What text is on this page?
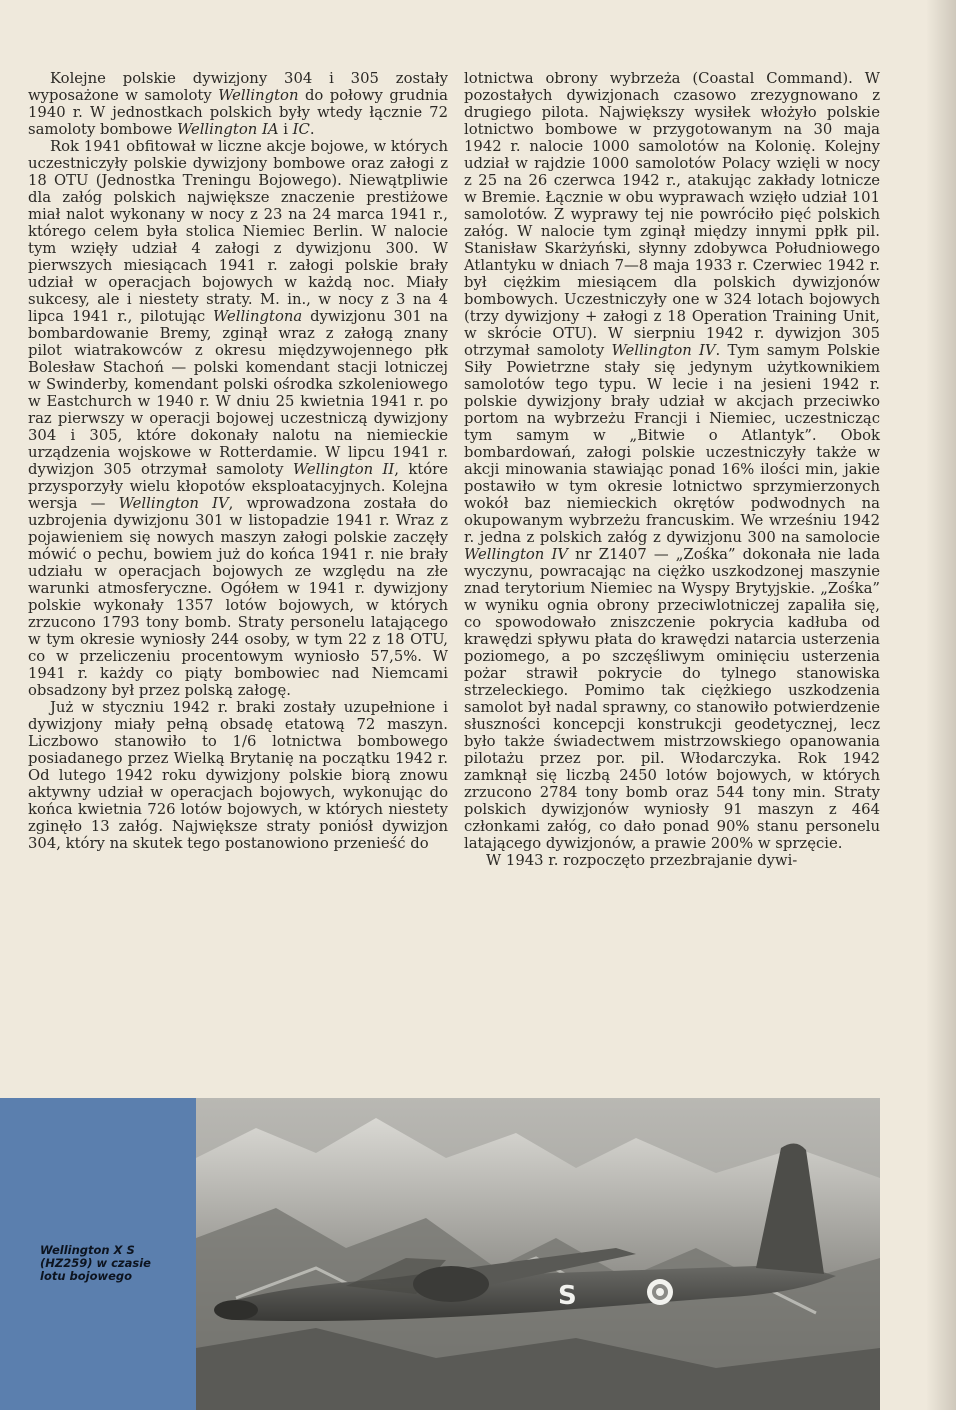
Kolejne polskie dywizjony 304 i 305 zostały wyposażone w samoloty Wellington do połowy grudnia 1940 r. W jednostkach polskich były wtedy łącznie 72 samoloty bombowe Wellington IA i IC.

Rok 1941 obfitował w liczne akcje bojowe, w których uczestniczyły polskie dywizjony bombowe oraz załogi z 18 OTU (Jednostka Treningu Bojowego). Niewątpliwie dla załóg polskich największe znaczenie prestiżowe miał nalot wykonany w nocy z 23 na 24 marca 1941 r., którego celem była stolica Niemiec Berlin. W nalocie tym wzięły udział 4 załogi z dywizjonu 300. W pierwszych miesiącach 1941 r. załogi polskie brały udział w operacjach bojowych w każdą noc. Miały sukcesy, ale i niestety straty. M. in., w nocy z 3 na 4 lipca 1941 r., pilotując Wellingtona dywizjonu 301 na bombardowanie Bremy, zginął wraz z załogą znany pilot wiatrakowców z okresu międzywojennego płk Bolesław Stachoń — polski komendant stacji lotniczej w Swinderby, komendant polski ośrodka szkoleniowego w Eastchurch w 1940 r. W dniu 25 kwietnia 1941 r. po raz pierwszy w operacji bojowej uczestniczą dywizjony 304 i 305, które dokonały nalotu na niemieckie urządzenia wojskowe w Rotterdamie. W lipcu 1941 r. dywizjon 305 otrzymał samoloty Wellington II, które przysporzyły wielu kłopotów eksploatacyjnych. Kolejna wersja — Wellington IV, wprowadzona została do uzbrojenia dywizjonu 301 w listopadzie 1941 r. Wraz z pojawieniem się nowych maszyn załogi polskie zaczęły mówić o pechu, bowiem już do końca 1941 r. nie brały udziału w operacjach bojowych ze względu na złe warunki atmosferyczne. Ogółem w 1941 r. dywizjony polskie wykonały 1357 lotów bojowych, w których zrzucono 1793 tony bomb. Straty personelu latającego w tym okresie wyniosły 244 osoby, w tym 22 z 18 OTU, co w przeliczeniu procentowym wyniosło 57,5%. W 1941 r. każdy co piąty bombowiec nad Niemcami obsadzony był przez polską załogę.

Już w styczniu 1942 r. braki zostały uzupełnione i dywizjony miały pełną obsadę etatową 72 maszyn. Liczbowo stanowiło to 1/6 lotnictwa bombowego posiadanego przez Wielką Brytanię na początku 1942 r. Od lutego 1942 roku dywizjony polskie biorą znowu aktywny udział w operacjach bojowych, wykonując do końca kwietnia 726 lotów bojowych, w których niestety zginęło 13 załóg. Największe straty poniósł dywizjon 304, który na skutek tego postanowiono przenieść do

lotnictwa obrony wybrzeża (Coastal Command). W pozostałych dywizjonach czasowo zrezygnowano z drugiego pilota. Największy wysiłek włożyło polskie lotnictwo bombowe w przygotowanym na 30 maja 1942 r. nalocie 1000 samolotów na Kolonię. Kolejny udział w rajdzie 1000 samolotów Polacy wzięli w nocy z 25 na 26 czerwca 1942 r., atakując zakłady lotnicze w Bremie. Łącznie w obu wyprawach wzięło udział 101 samolotów. Z wyprawy tej nie powróciło pięć polskich załóg. W nalocie tym zginął między innymi ppłk pil. Stanisław Skarżyński, słynny zdobywca Południowego Atlantyku w dniach 7—8 maja 1933 r. Czerwiec 1942 r. był ciężkim miesiącem dla polskich dywizjonów bombowych. Uczestniczyły one w 324 lotach bojowych (trzy dywizjony + załogi z 18 Operation Training Unit, w skrócie OTU). W sierpniu 1942 r. dywizjon 305 otrzymał samoloty Wellington IV. Tym samym Polskie Siły Powietrzne stały się jedynym użytkownikiem samolotów tego typu. W lecie i na jesieni 1942 r. polskie dywizjony brały udział w akcjach przeciwko portom na wybrzeżu Francji i Niemiec, uczestnicząc tym samym w „Bitwie o Atlantyk”. Obok bombardowań, załogi polskie uczestniczyły także w akcji minowania stawiając ponad 16% ilości min, jakie postawiło w tym okresie lotnictwo sprzymierzonych wokół baz niemieckich okrętów podwodnych na okupowanym wybrzeżu francuskim. We wrześniu 1942 r. jedna z polskich załóg z dywizjonu 300 na samolocie Wellington IV nr Z1407 — „Zośka” dokonała nie lada wyczynu, powracając na ciężko uszkodzonej maszynie znad terytorium Niemiec na Wyspy Brytyjskie. „Zośka” w wyniku ognia obrony przeciwlotniczej zapaliła się, co spowodowało zniszczenie pokrycia kadłuba od krawędzi spływu płata do krawędzi natarcia usterzenia poziomego, a po szczęśliwym ominięciu usterzenia pożar strawił pokrycie do tylnego stanowiska strzeleckiego. Pomimo tak ciężkiego uszkodzenia samolot był nadal sprawny, co stanowiło potwierdzenie słuszności koncepcji konstrukcji geodetycznej, lecz było także świadectwem mistrzowskiego opanowania pilotażu przez por. pil. Włodarczyka. Rok 1942 zamknął się liczbą 2450 lotów bojowych, w których zrzucono 2784 tony bomb oraz 544 tony min. Straty polskich dywizjonów wyniosły 91 maszyn z 464 członkami załóg, co dało ponad 90% stanu personelu latającego dywizjonów, a prawie 200% w sprzęcie.

W 1943 r. rozpoczęto przezbrajanie dywi-

Wellington X S
(HZ259) w czasie
lotu bojowego
S
